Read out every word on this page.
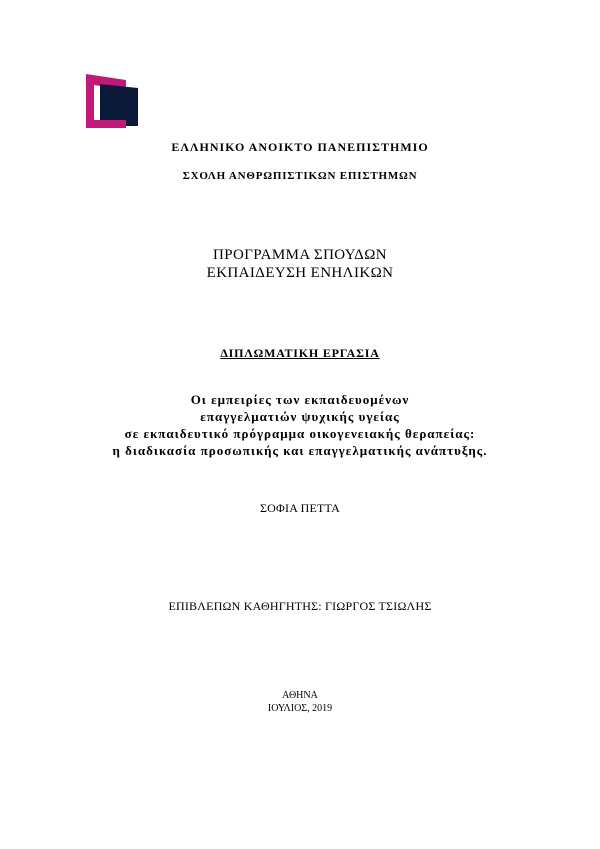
ΕΛΛΗΝΙΚΟ ΑΝΟΙΚΤΟ ΠΑΝΕΠΙΣΤΗΜΙΟ
ΣΧΟΛΗ ΑΝΘΡΩΠΙΣΤΙΚΩΝ ΕΠΙΣΤΗΜΩΝ
ΠΡΟΓΡΑΜΜΑ ΣΠΟΥΔΩΝ
ΕΚΠΑΙΔΕΥΣΗ ΕΝΗΛΙΚΩΝ
ΔΙΠΛΩΜΑΤΙΚΗ ΕΡΓΑΣΙΑ
Οι εμπειρίες των εκπαιδευομένων
επαγγελματιών ψυχικής υγείας
σε εκπαιδευτικό πρόγραμμα οικογενειακής θεραπείας:
η διαδικασία προσωπικής και επαγγελματικής ανάπτυξης.
ΣΟΦΙΑ ΠΕΤΤΑ
ΕΠΙΒΛΕΠΩΝ ΚΑΘΗΓΗΤΗΣ: ΓΙΩΡΓΟΣ ΤΣΙΩΛΗΣ
ΑΘΗΝΑ
ΙΟΥΛΙΟΣ, 2019
